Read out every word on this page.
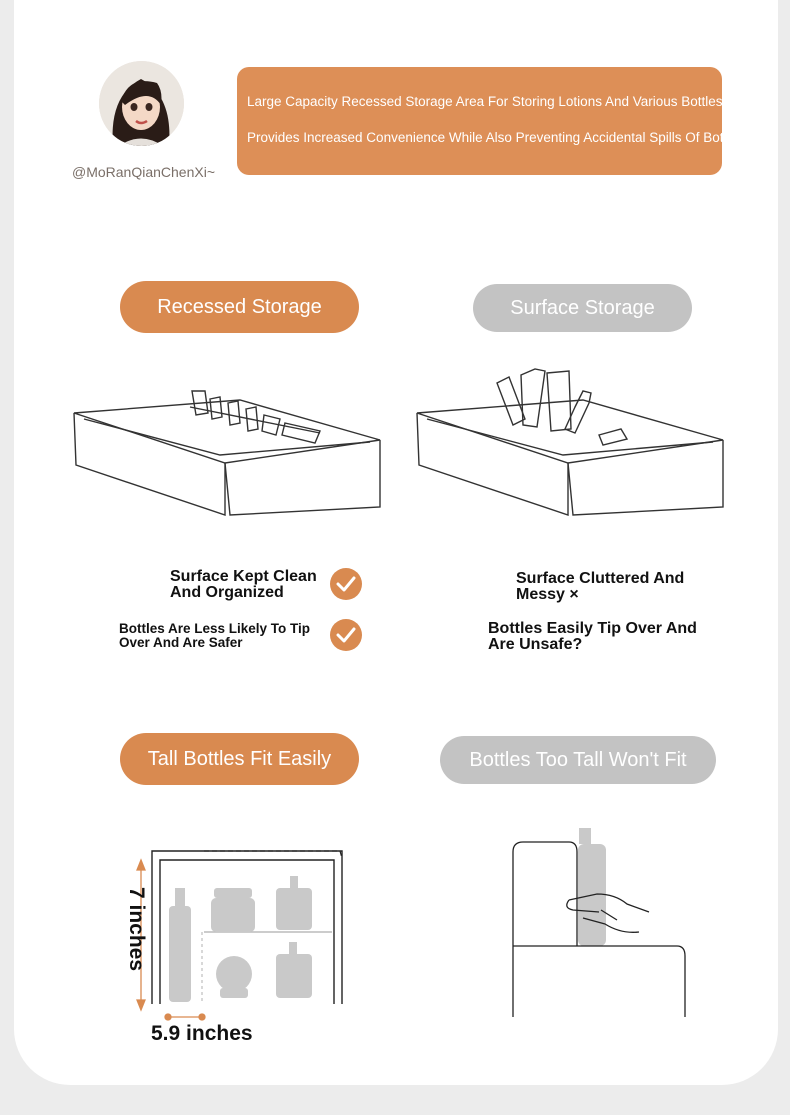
@MoRanQianChenXi~
Large Capacity Recessed Storage Area For Storing Lotions And Various Bottles
Provides Increased Convenience While Also Preventing Accidental Spills Of Bottles
Recessed Storage	Surface Storage
Surface Kept Clean And Organized
Bottles Are Less Likely To Tip Over And Are Safer
Surface Cluttered And Messy ×
Bottles Easily Tip Over And Are Unsafe?
Tall Bottles Fit Easily	Bottles Too Tall Won't Fit
7 inches
5.9 inches
